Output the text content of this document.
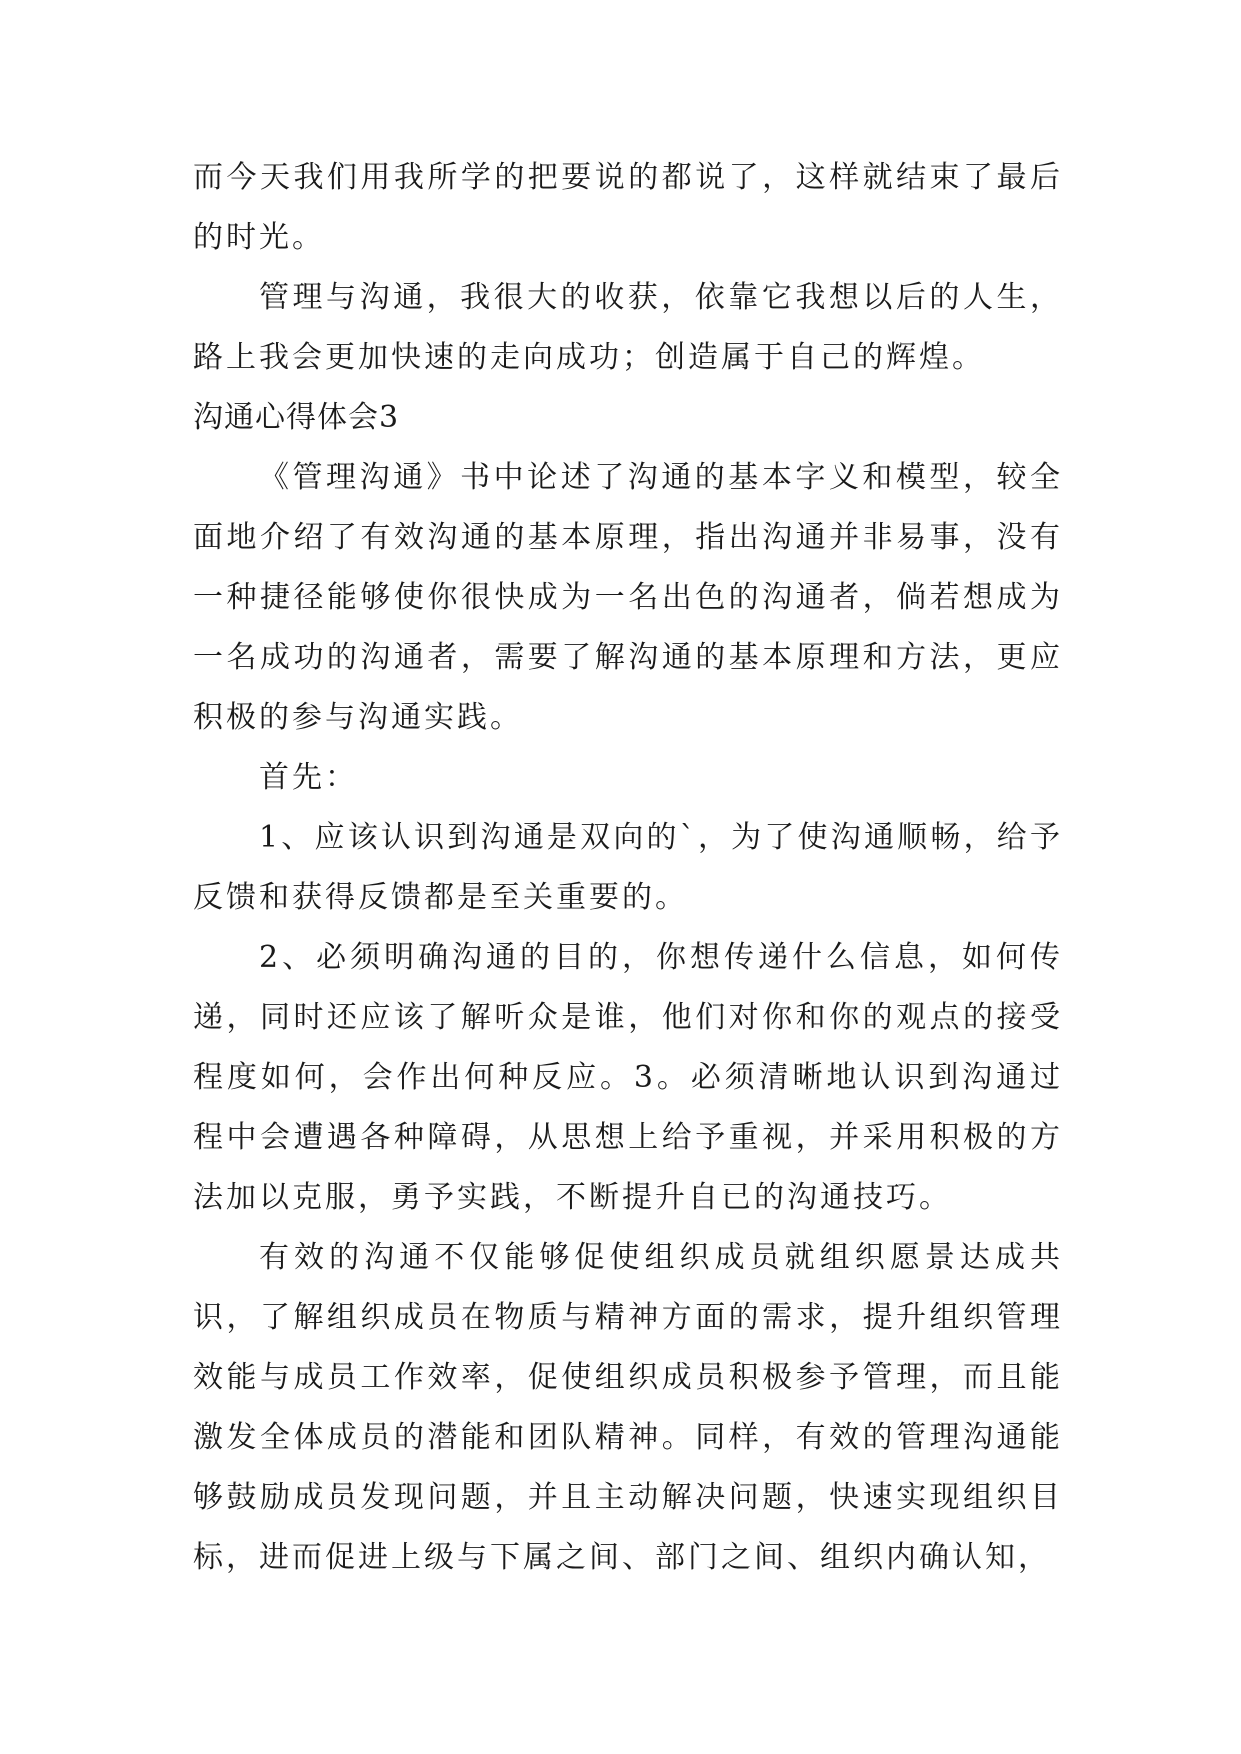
而今天我们用我所学的把要说的都说了，这样就结束了最后的时光。

管理与沟通，我很大的收获，依靠它我想以后的人生，路上我会更加快速的走向成功；创造属于自己的辉煌。

沟通心得体会3

《管理沟通》书中论述了沟通的基本字义和模型，较全面地介绍了有效沟通的基本原理，指出沟通并非易事，没有一种捷径能够使你很快成为一名出色的沟通者，倘若想成为一名成功的沟通者，需要了解沟通的基本原理和方法，更应积极的参与沟通实践。

首先：

1、应该认识到沟通是双向的`，为了使沟通顺畅，给予反馈和获得反馈都是至关重要的。

2、必须明确沟通的目的，你想传递什么信息，如何传递，同时还应该了解听众是谁，他们对你和你的观点的接受程度如何，会作出何种反应。3。必须清晰地认识到沟通过程中会遭遇各种障碍，从思想上给予重视，并采用积极的方法加以克服，勇予实践，不断提升自已的沟通技巧。

有效的沟通不仅能够促使组织成员就组织愿景达成共识，了解组织成员在物质与精神方面的需求，提升组织管理效能与成员工作效率，促使组织成员积极参予管理，而且能激发全体成员的潜能和团队精神。同样，有效的管理沟通能够鼓励成员发现问题，并且主动解决问题，快速实现组织目标，进而促进上级与下属之间、部门之间、组织内确认知，
